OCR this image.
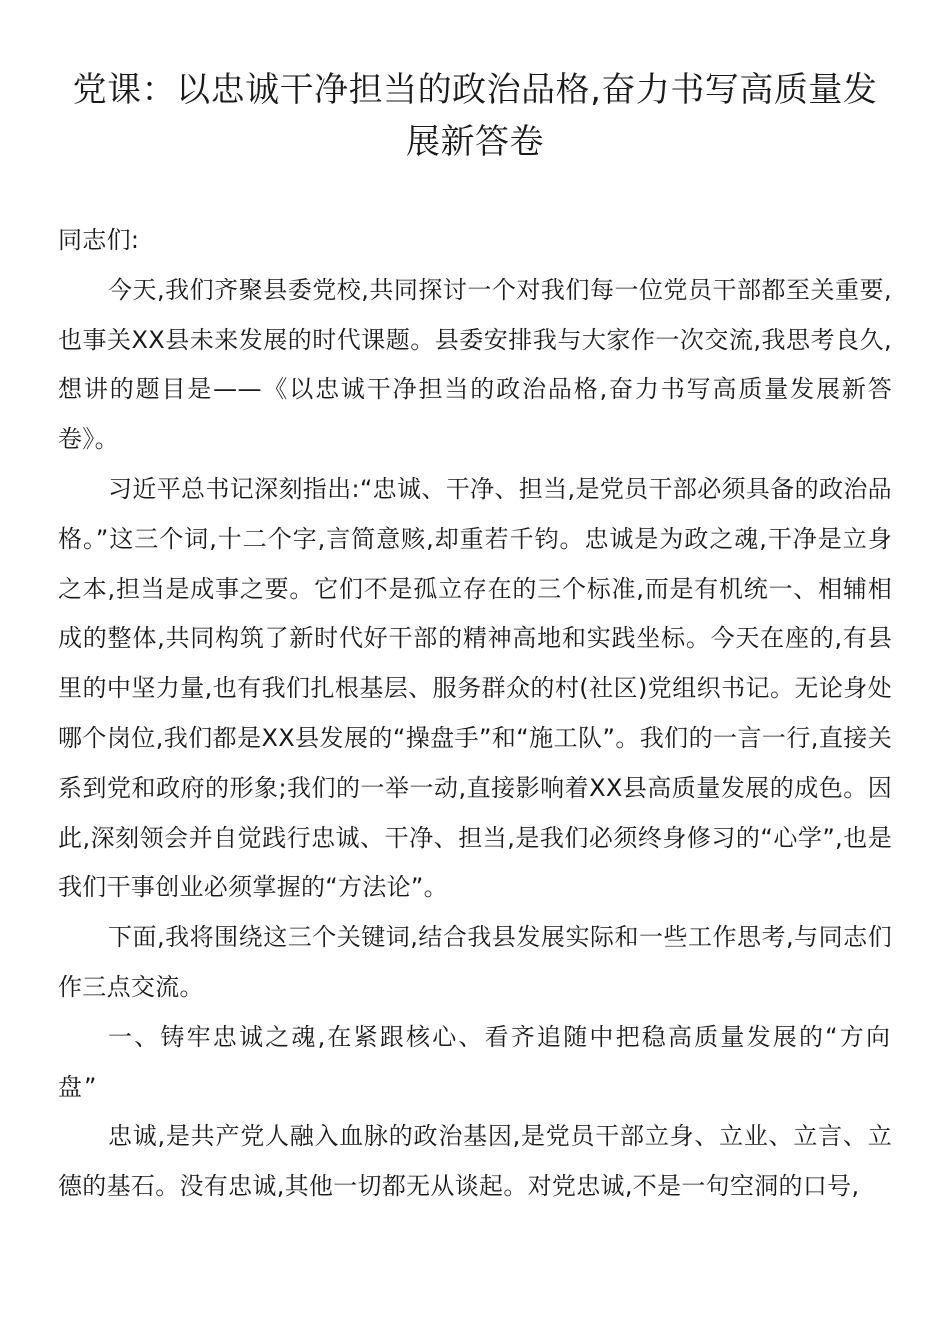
党课：以忠诚干净担当的政治品格,奋力书写高质量发展新答卷

同志们:

今天,我们齐聚县委党校,共同探讨一个对我们每一位党员干部都至关重要,也事关XX县未来发展的时代课题。县委安排我与大家作一次交流,我思考良久,想讲的题目是——《以忠诚干净担当的政治品格,奋力书写高质量发展新答卷》。

习近平总书记深刻指出:“忠诚、干净、担当,是党员干部必须具备的政治品格。”这三个词,十二个字,言简意赅,却重若千钧。忠诚是为政之魂,干净是立身之本,担当是成事之要。它们不是孤立存在的三个标准,而是有机统一、相辅相成的整体,共同构筑了新时代好干部的精神高地和实践坐标。今天在座的,有县里的中坚力量,也有我们扎根基层、服务群众的村(社区)党组织书记。无论身处哪个岗位,我们都是XX县发展的“操盘手”和“施工队”。我们的一言一行,直接关系到党和政府的形象;我们的一举一动,直接影响着XX县高质量发展的成色。因此,深刻领会并自觉践行忠诚、干净、担当,是我们必须终身修习的“心学”,也是我们干事创业必须掌握的“方法论”。

下面,我将围绕这三个关键词,结合我县发展实际和一些工作思考,与同志们作三点交流。

一、铸牢忠诚之魂,在紧跟核心、看齐追随中把稳高质量发展的“方向盘”

忠诚,是共产党人融入血脉的政治基因,是党员干部立身、立业、立言、立德的基石。没有忠诚,其他一切都无从谈起。对党忠诚,不是一句空洞的口号,
